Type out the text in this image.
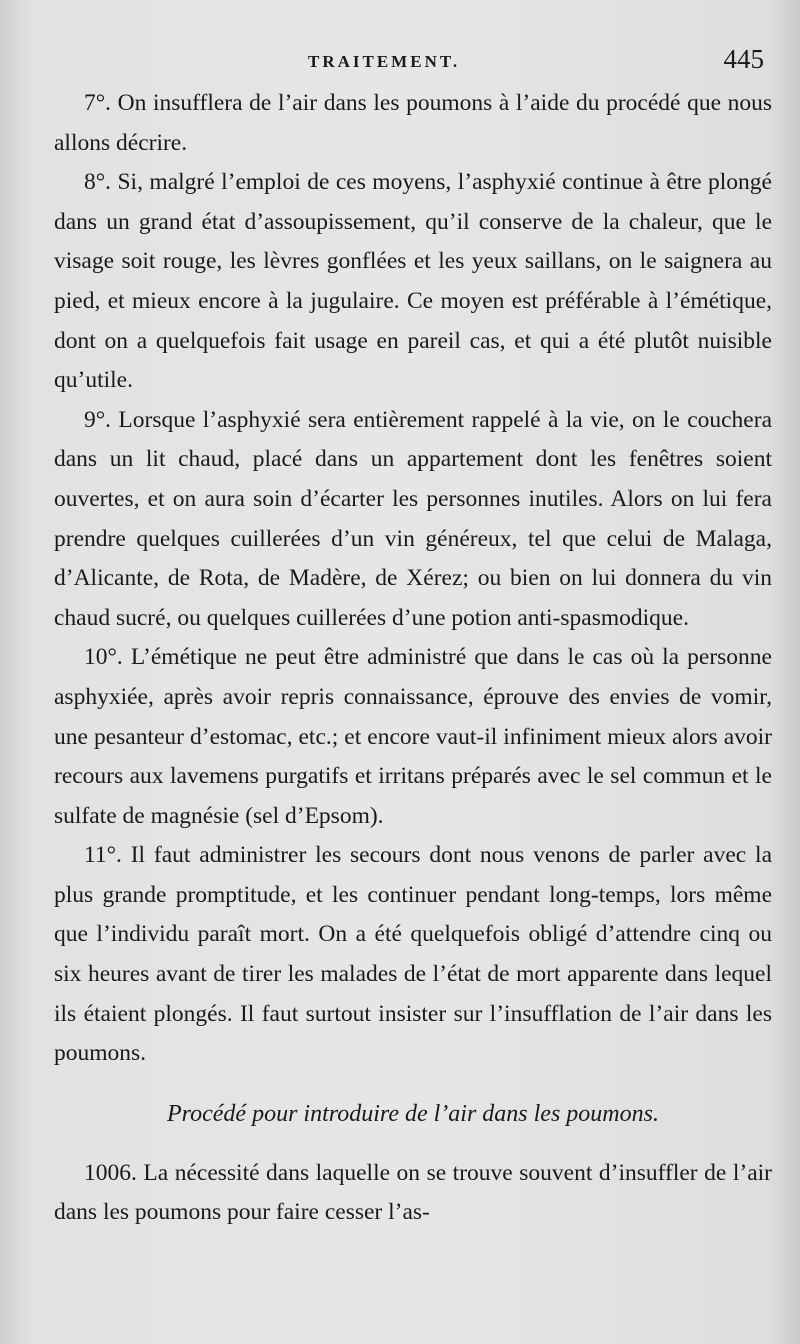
TRAITEMENT.	445

7°. On insufflera de l’air dans les poumons à l’aide du procédé que nous allons décrire.

8°. Si, malgré l’emploi de ces moyens, l’asphyxié continue à être plongé dans un grand état d’assoupissement, qu’il conserve de la chaleur, que le visage soit rouge, les lèvres gonflées et les yeux saillans, on le saignera au pied, et mieux encore à la jugulaire. Ce moyen est préférable à l’émétique, dont on a quelquefois fait usage en pareil cas, et qui a été plutôt nuisible qu’utile.

9°. Lorsque l’asphyxié sera entièrement rappelé à la vie, on le couchera dans un lit chaud, placé dans un appartement dont les fenêtres soient ouvertes, et on aura soin d’écarter les personnes inutiles. Alors on lui fera prendre quelques cuillerées d’un vin généreux, tel que celui de Malaga, d’Alicante, de Rota, de Madère, de Xérez; ou bien on lui donnera du vin chaud sucré, ou quelques cuillerées d’une potion anti-spasmodique.

10°. L’émétique ne peut être administré que dans le cas où la personne asphyxiée, après avoir repris connaissance, éprouve des envies de vomir, une pesanteur d’estomac, etc.; et encore vaut-il infiniment mieux alors avoir recours aux lavemens purgatifs et irritans préparés avec le sel commun et le sulfate de magnésie (sel d’Epsom).

11°. Il faut administrer les secours dont nous venons de parler avec la plus grande promptitude, et les continuer pendant long-temps, lors même que l’individu paraît mort. On a été quelquefois obligé d’attendre cinq ou six heures avant de tirer les malades de l’état de mort apparente dans lequel ils étaient plongés. Il faut surtout insister sur l’insufflation de l’air dans les poumons.

Procédé pour introduire de l’air dans les poumons.

1006. La nécessité dans laquelle on se trouve souvent d’insuffler de l’air dans les poumons pour faire cesser l’as-
